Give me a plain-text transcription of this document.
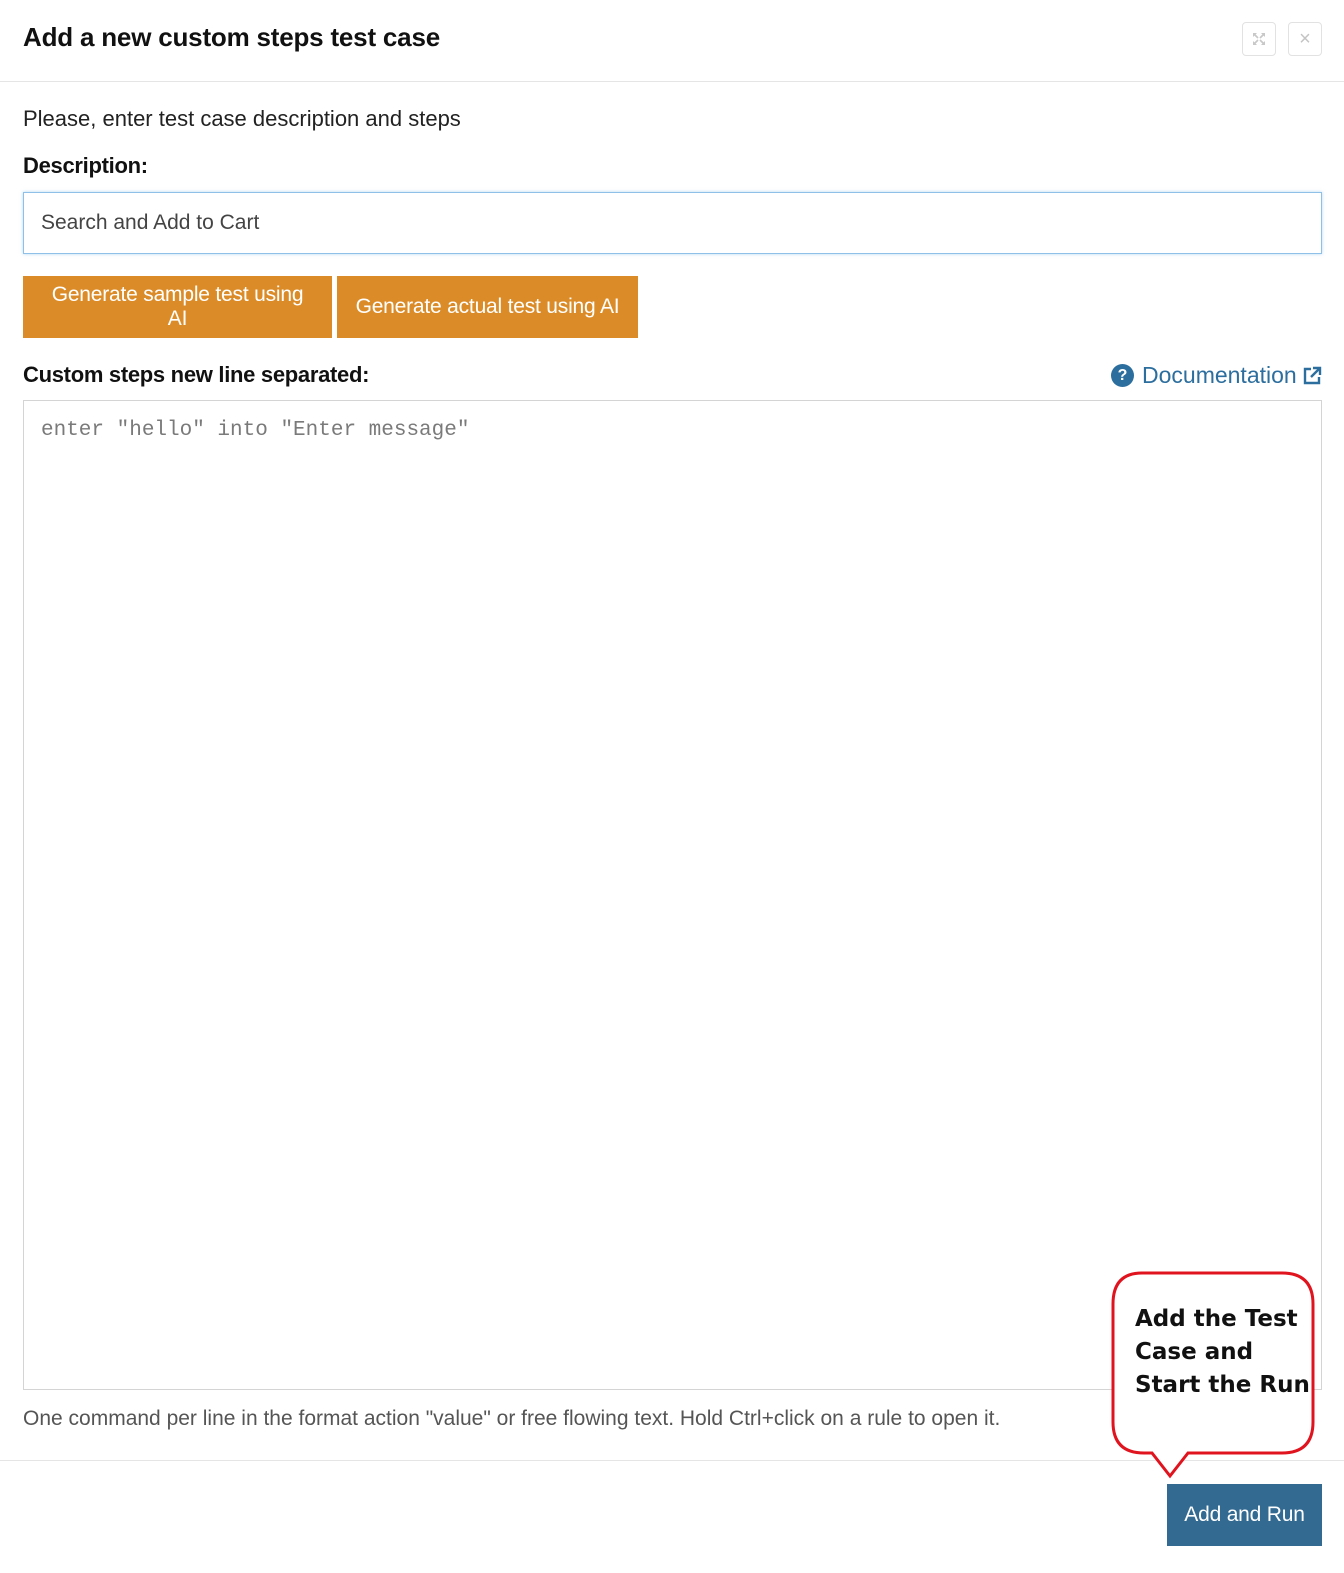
Add a new custom steps test case	×
Please, enter test case description and steps
Description:
Search and Add to Cart
Generate sample test using AI
Generate actual test using AI
Custom steps new line separated:	? Documentation
enter "hello" into "Enter message"
One command per line in the format action "value" or free flowing text. Hold Ctrl+click on a rule to open it.
Add and Run
Add the Test Case and Start the Run
